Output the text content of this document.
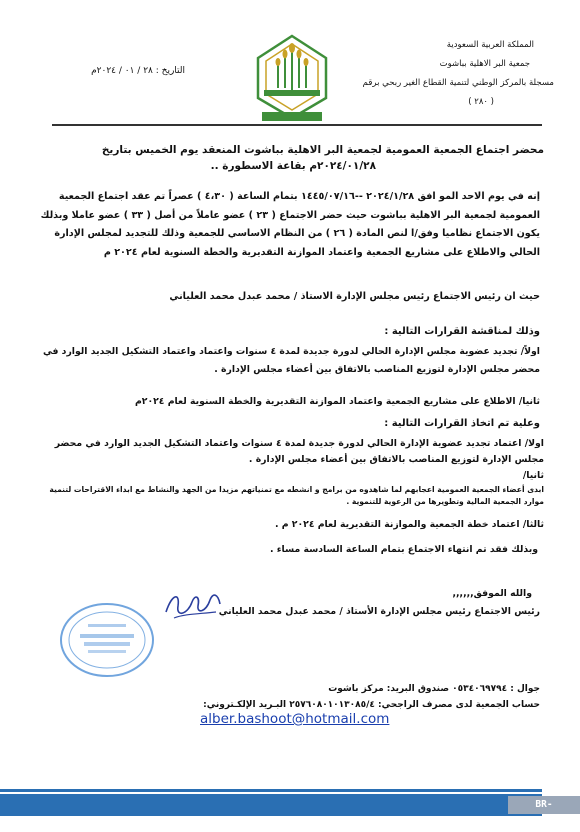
المملكة العربية السعودية
جمعية البر الاهلية بباشوت
مسجلة بالمركز الوطني لتنمية القطاع الغير ربحي برقم
( ٢٨٠ )
التاريخ : ٢٨ / ٠١ / ٢٠٢٤م
محضر اجتماع الجمعية العمومية لجمعية البر الاهلية بباشوت المنعقد يوم الخميس بتاريخ
٢٠٢٤/٠١/٢٨م بقاعة الاسطورة ..
إنه في يوم الاحد المو افق ٢٠٢٤/١/٢٨ --١٤٤٥/٠٧/١٦ بتمام الساعة ( ٤،٣٠ ) عصراً تم عقد اجتماع الجمعية العمومية لجمعية البر الاهلية بباشوت حيث حضر الاجتماع ( ٢٣ ) عضو عاملاً من أصل ( ٣٣ ) عضو عاملا وبذلك يكون الاجتماع نظاميا وفق/ا لنص المادة ( ٢٦ ) من النظام الاساسي للجمعية وذلك للتجديد لمجلس الإدارة الحالي والاطلاع على مشاريع الجمعية واعتماد الموازنة التقديرية والخطة السنوية لعام ٢٠٢٤ م
حيث ان رئيس الاجتماع رئيس مجلس الإدارة الاستاذ / محمد عبدل محمد العلياني
وذلك لمناقشة القرارات التالية :
اولاً/ تجديد عضوية مجلس الإدارة الحالي لدورة جديدة لمدة ٤ سنوات واعتماد واعتماد التشكيل الجديد الوارد في محضر مجلس الإدارة لتوزيع المناصب بالاتفاق بين أعضاء مجلس الإدارة .
ثانيا/ الاطلاع على مشاريع الجمعية واعتماد الموازنة التقديرية والخطة السنوية لعام ٢٠٢٤م
وعلية تم اتخاذ القرارات التالية :
اولا/ اعتماد تجديد عضوية الإدارة الحالي لدورة جديدة لمدة ٤ سنوات واعتماد التشكيل الجديد الوارد في محضر مجلس الإدارة لتوزيع المناصب بالاتفاق بين أعضاء مجلس الإدارة .
ثانيا/
ابدى أعضاء الجمعية العمومية اعجابهم لما شاهدوه من برامج و انشطه مع تمنياتهم مزيدا من الجهد والنشاط مع ابداء الاقتراحات لتنمية موارد الجمعية المالية وتطويرها من الرعوية للتنموية .
ثالثا/ اعتماد خطة الجمعية والموازنة التقديرية لعام ٢٠٢٤ م .
وبذلك فقد تم انتهاء الاجتماع بتمام الساعة السادسة مساء .
والله الموفق,,,,,,
رئيس الاجتماع رئيس مجلس الإدارة الأستاذ / محمد عبدل محمد العلياني
جوال : ٠٥٣٤٠٦٩٧٩٤ صندوق البريد: مركز باشوت
حساب الجمعية لدى مصرف الراجحي: ٢٥٧٦٠٨٠١٠١٣٠٨٥/٤ البـريد الإلكـتروني:
alber.bashoot@hotmail.com
BR-BASHOT.COM
